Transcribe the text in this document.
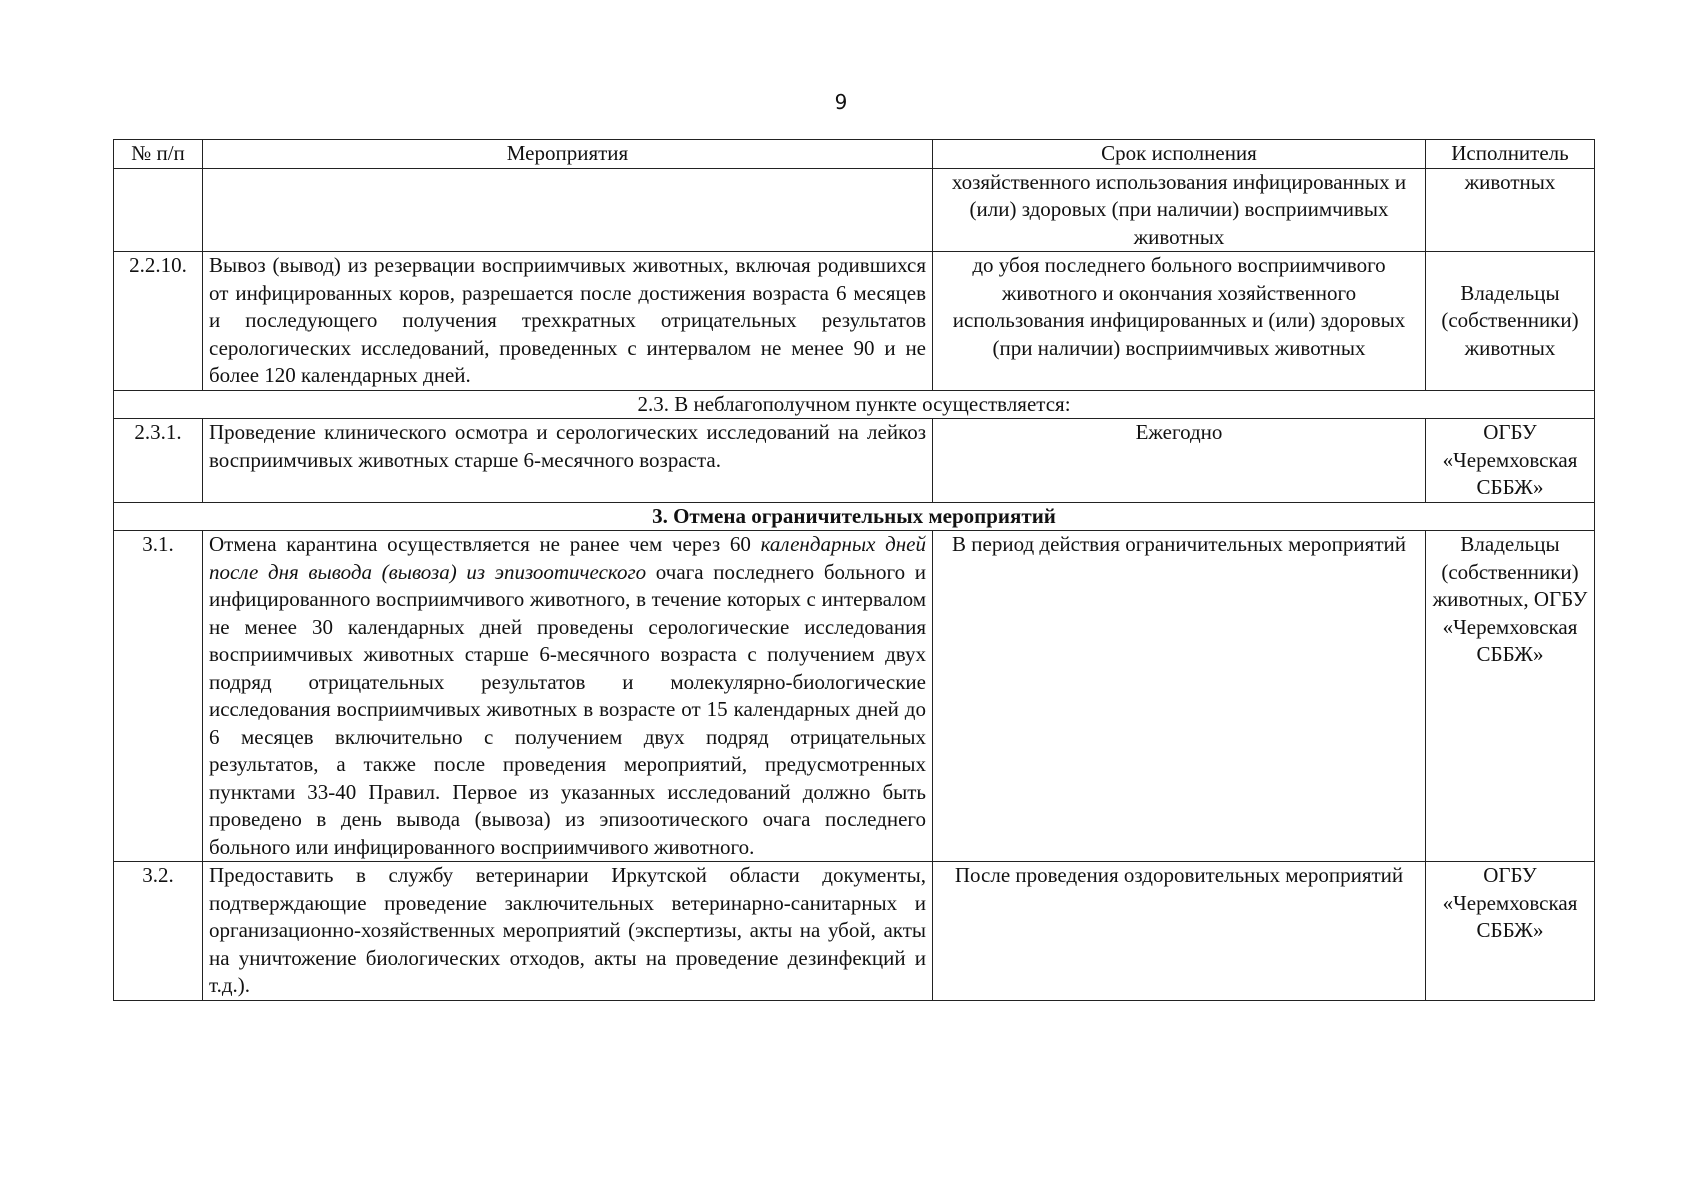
9
№ п/п	Мероприятия	Срок исполнения	Исполнитель
		хозяйственного использования инфицированных и (или) здоровых (при наличии) восприимчивых животных	животных
2.2.10.	Вывоз (вывод) из резервации восприимчивых животных, включая родившихся от инфицированных коров, разрешается после достижения возраста 6 месяцев и последующего получения трехкратных отрицательных результатов серологических исследований, проведенных с интервалом не менее 90 и не более 120 календарных дней.	до убоя последнего больного восприимчивого животного и окончания хозяйственного использования инфицированных и (или) здоровых (при наличии) восприимчивых животных	Владельцы (собственники) животных
2.3. В неблагополучном пункте осуществляется:			
2.3.1.	Проведение клинического осмотра и серологических исследований на лейкоз восприимчивых животных старше 6-месячного возраста.	Ежегодно	ОГБУ «Черемховская СББЖ»
3. Отмена ограничительных мероприятий			
3.1.	Отмена карантина осуществляется не ранее чем через 60 календарных дней после дня вывода (вывоза) из эпизоотического очага последнего больного и инфицированного восприимчивого животного, в течение которых с интервалом не менее 30 календарных дней проведены серологические исследования восприимчивых животных старше 6-месячного возраста с получением двух подряд отрицательных результатов и молекулярно-биологические исследования восприимчивых животных в возрасте от 15 календарных дней до 6 месяцев включительно с получением двух подряд отрицательных результатов, а также после проведения мероприятий, предусмотренных пунктами 33-40 Правил. Первое из указанных исследований должно быть проведено в день вывода (вывоза) из эпизоотического очага последнего больного или инфицированного восприимчивого животного.	В период действия ограничительных мероприятий	Владельцы (собственники) животных, ОГБУ «Черемховская СББЖ»
3.2.	Предоставить в службу ветеринарии Иркутской области документы, подтверждающие проведение заключительных ветеринарно-санитарных и организационно-хозяйственных мероприятий (экспертизы, акты на убой, акты на уничтожение биологических отходов, акты на проведение дезинфекций и т.д.).	После проведения оздоровительных мероприятий	ОГБУ «Черемховская СББЖ»
